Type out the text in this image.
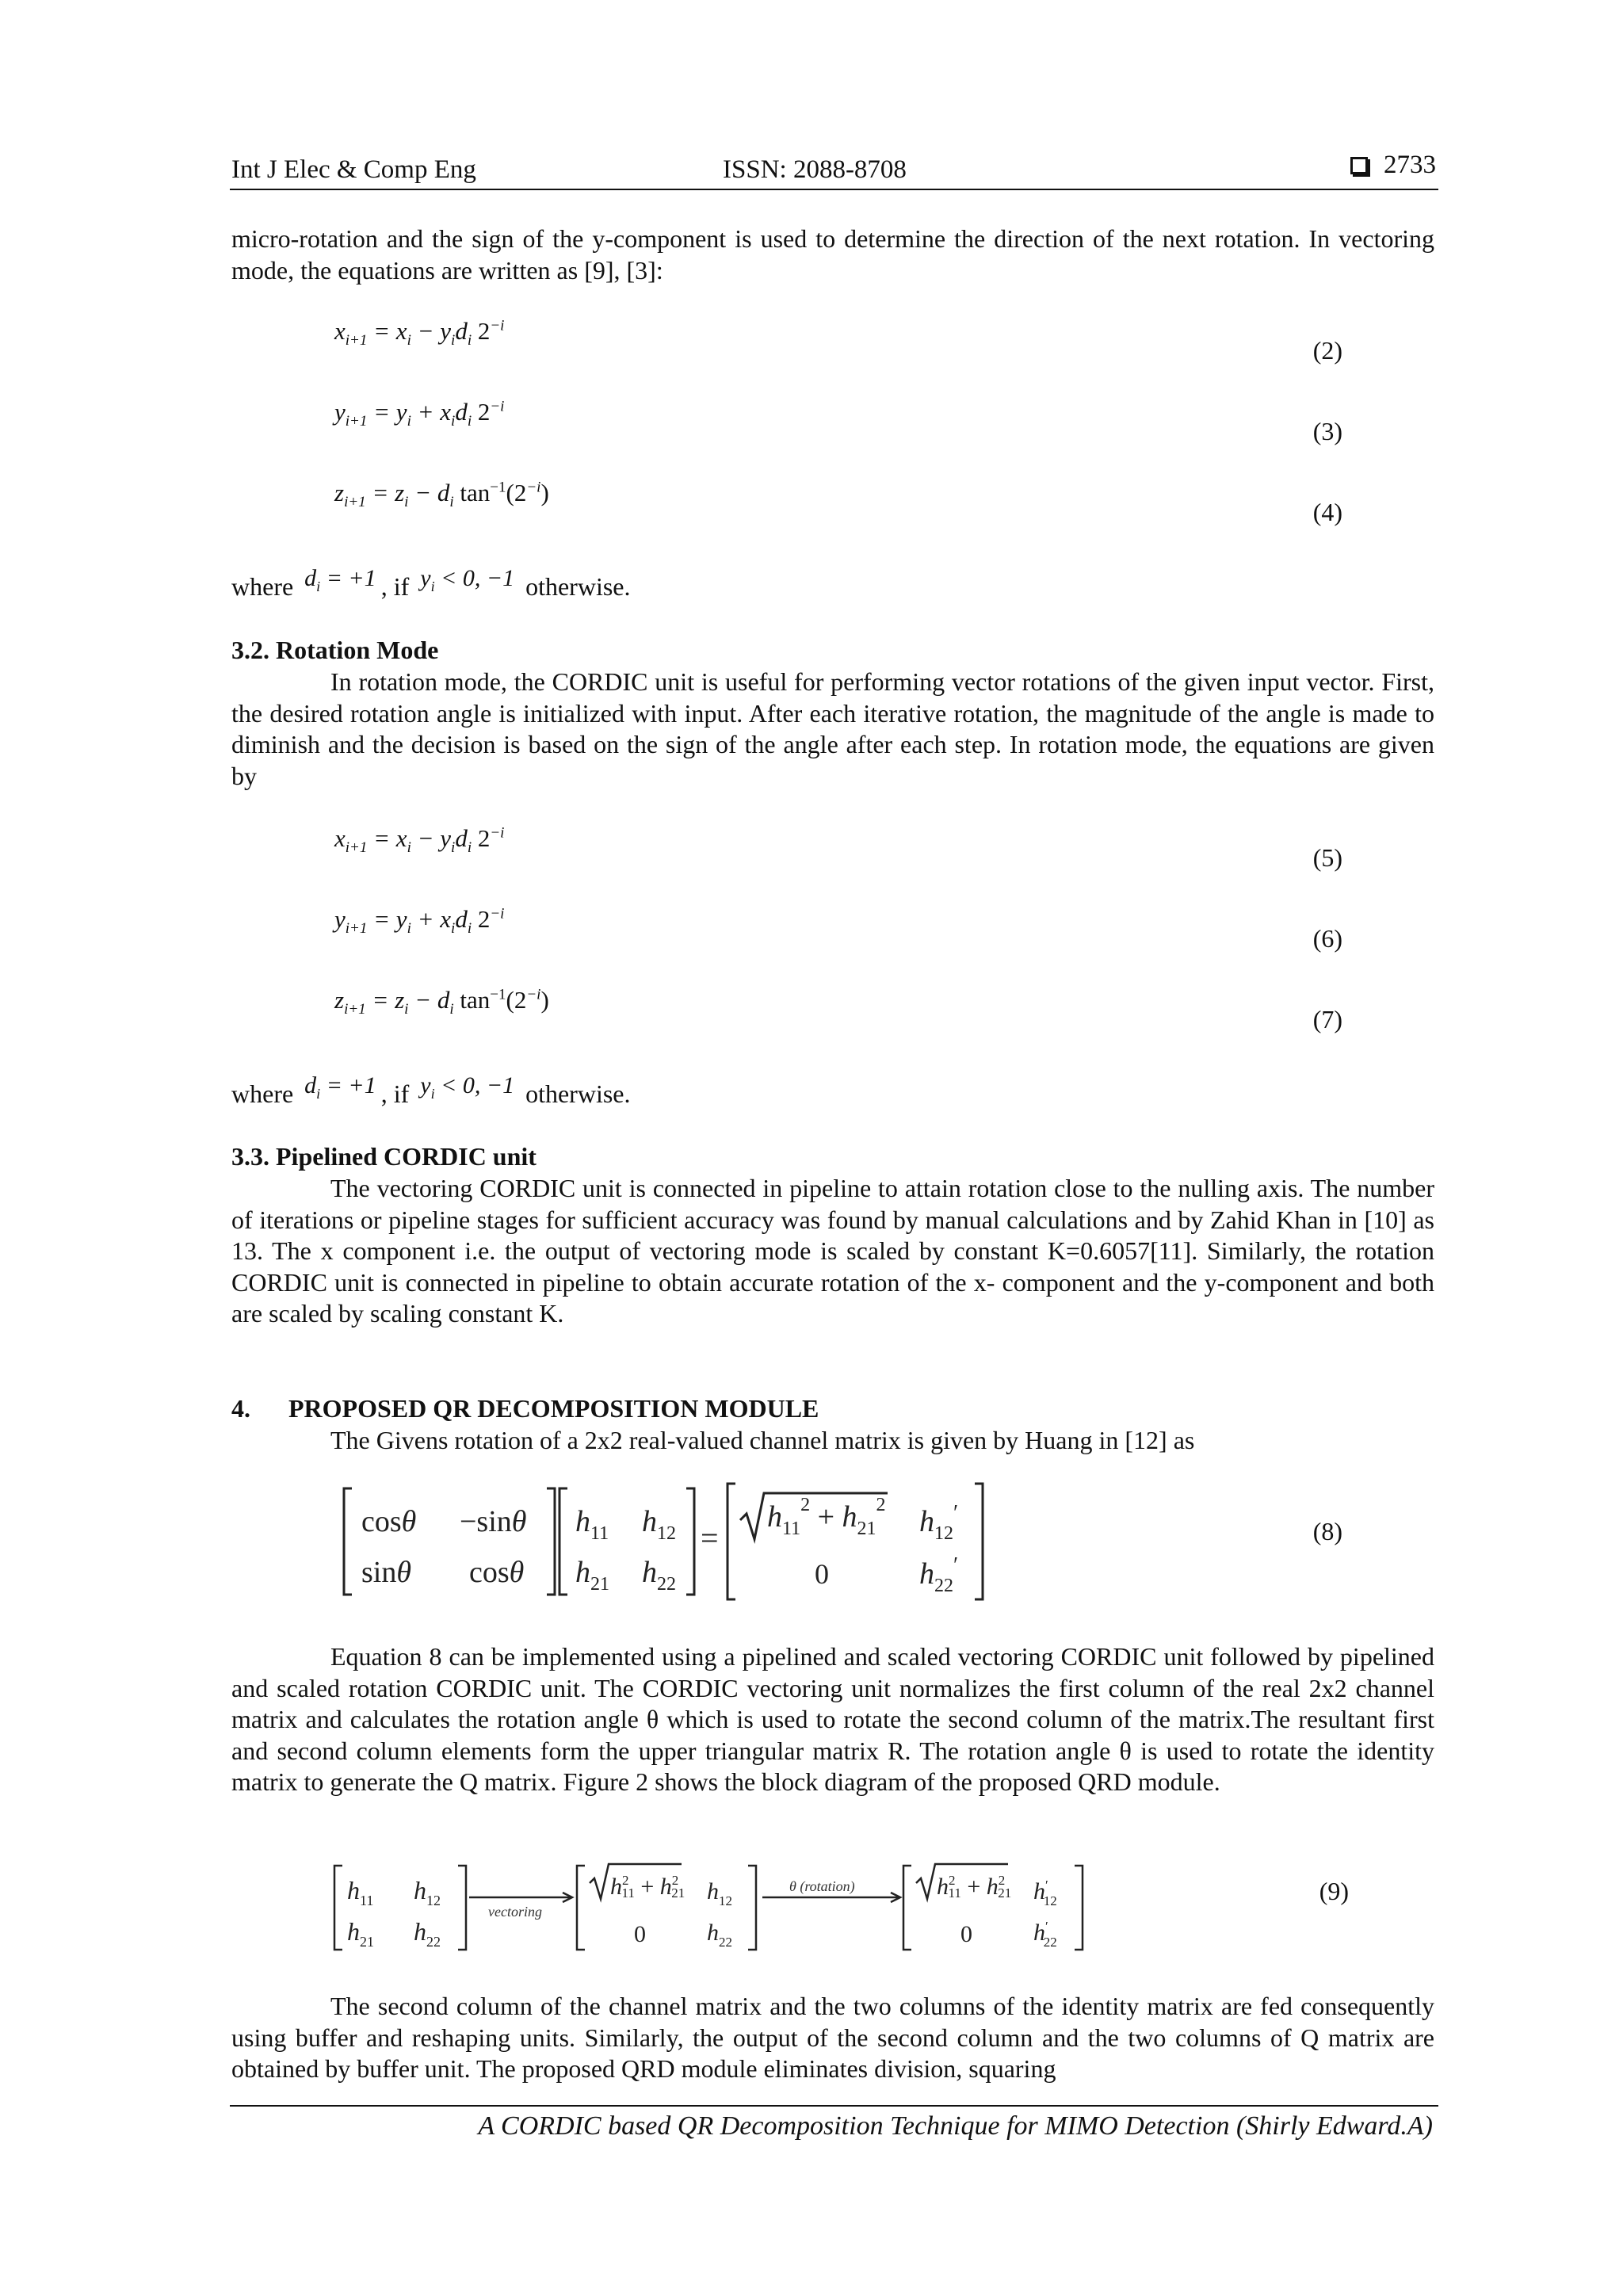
Int J Elec & Comp Eng	ISSN: 2088-8708	2733
micro-rotation and the sign of the y-component is used to determine the direction of the next rotation. In vectoring mode, the equations are written as [9], [3]:
$x_{i+1} = x_i - y_id_i$ $2^{-i}$
(2)
$y_{i+1} = y_i + x_id_i$ $2^{-i}$
(3)
$z_{i+1} = z_i - d_i$ $\tan^{-1}(2^{-i})$
(4)
where $d_i = +1$ , if $y_i < 0$, −1 otherwise.
3.2. Rotation Mode
In rotation mode, the CORDIC unit is useful for performing vector rotations of the given input vector. First, the desired rotation angle is initialized with input. After each iterative rotation, the magnitude of the angle is made to diminish and the decision is based on the sign of the angle after each step. In rotation mode, the equations are given by
$x_{i+1} = x_i - y_id_i$ $2^{-i}$
(5)
$y_{i+1} = y_i + x_id_i$ $2^{-i}$
(6)
$z_{i+1} = z_i - d_i$ $\tan^{-1}(2^{-i})$
(7)
where $d_i = +1$ , if $y_i < 0$, −1 otherwise.
3.3. Pipelined CORDIC unit
The vectoring CORDIC unit is connected in pipeline to attain rotation close to the nulling axis. The number of iterations or pipeline stages for sufficient accuracy was found by manual calculations and by Zahid Khan in [10] as 13. The x component i.e. the output of vectoring mode is scaled by constant K=0.6057[11]. Similarly, the rotation CORDIC unit is connected in pipeline to obtain accurate rotation of the x- component and the y-component and both are scaled by scaling constant K.
4. PROPOSED QR DECOMPOSITION MODULE
The Givens rotation of a 2x2 real-valued channel matrix is given by Huang in [12] as
cosθ −sinθ
sinθ cosθ
$h_{11}$ $h_{12}$
$h_{21}$ $h_{22}$
=
$h_{11}^2 + h_{21}^2$ $h_{12}'$
0	$h_{22}'$
(8)
Equation 8 can be implemented using a pipelined and scaled vectoring CORDIC unit followed by pipelined and scaled rotation CORDIC unit. The CORDIC vectoring unit normalizes the first column of the real 2x2 channel matrix and calculates the rotation angle θ which is used to rotate the second column of the matrix.The resultant first and second column elements form the upper triangular matrix R. The rotation angle θ is used to rotate the identity matrix to generate the Q matrix. Figure 2 shows the block diagram of the proposed QRD module.
$h_{11}$ $h_{12}$
$h_{21}$ $h_{22}$
vectoring
$h^2$ $11 + h^2$ 21 $h_{12}$
0	$h_{22}$
θ (rotation)	$h^2$ $11 + h^2$ 21 h′ 12
0	h′ 22
(9)
The second column of the channel matrix and the two columns of the identity matrix are fed consequently using buffer and reshaping units. Similarly, the output of the second column and the two columns of Q matrix are obtained by buffer unit. The proposed QRD module eliminates division, squaring
A CORDIC based QR Decomposition Technique for MIMO Detection (Shirly Edward.A)
